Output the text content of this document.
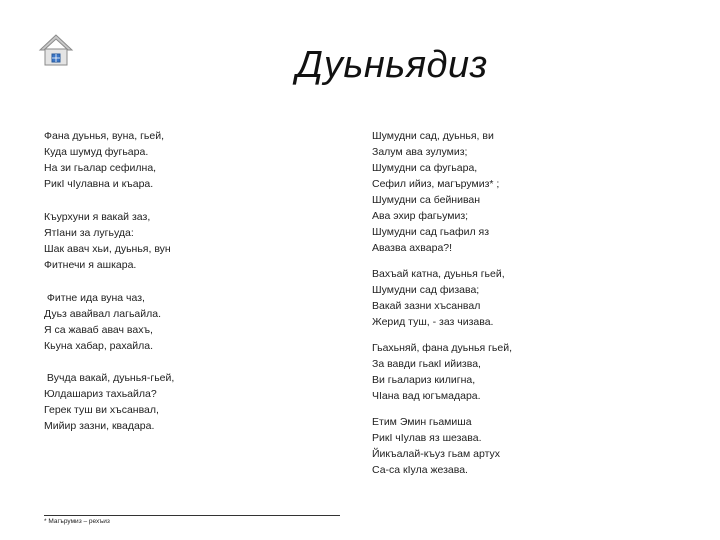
Дуьньядиз
Фана дуьнья, вуна, гьей,
Куда шумуд фугьара.
На зи гьалар сефилна,
РикӀ чӀулавна и къара.
Къурхуни я вакай заз,
ЯтӀани за лугьуда:
Шак авач хьи, дуьнья, вун
Фитнечи я ашкара.
Фитне ида вуна чаз,
Дуьз авайвал лагьайла.
Я са жаваб авач вахъ,
Кьуна хабар, рахайла.
Вучда вакай, дуьнья-гьей,
Юлдашариз тахьайла?
Герек туш ви хъсанвал,
Мийир зазни, квадара.
Шумудни сад, дуьнья, ви
Залум ава зулумиз;
Шумудни са фугьара,
Сефил ийиз, магърумиз* ;
Шумудни са бейниван
Ава эхир фагьумиз;
Шумудни сад гьафил яз
Авазва ахвара?!
Вахъай катна, дуьнья гьей,
Шумудни сад физава;
Вакай зазни хъсанвал
Жерид туш, - заз чизава.
Гьахьняй, фана дуьнья гьей,
За вавди гьакӀ ийизва,
Ви гьалариз килигна,
ЧӀана вад югъмадара.
Етим Эмин гьамиша
РикӀ чӀулав яз шезава.
Йикъалай-къуз гьам артух
Са-са кӀула жезава.
* Магърумиз – рехъиз
